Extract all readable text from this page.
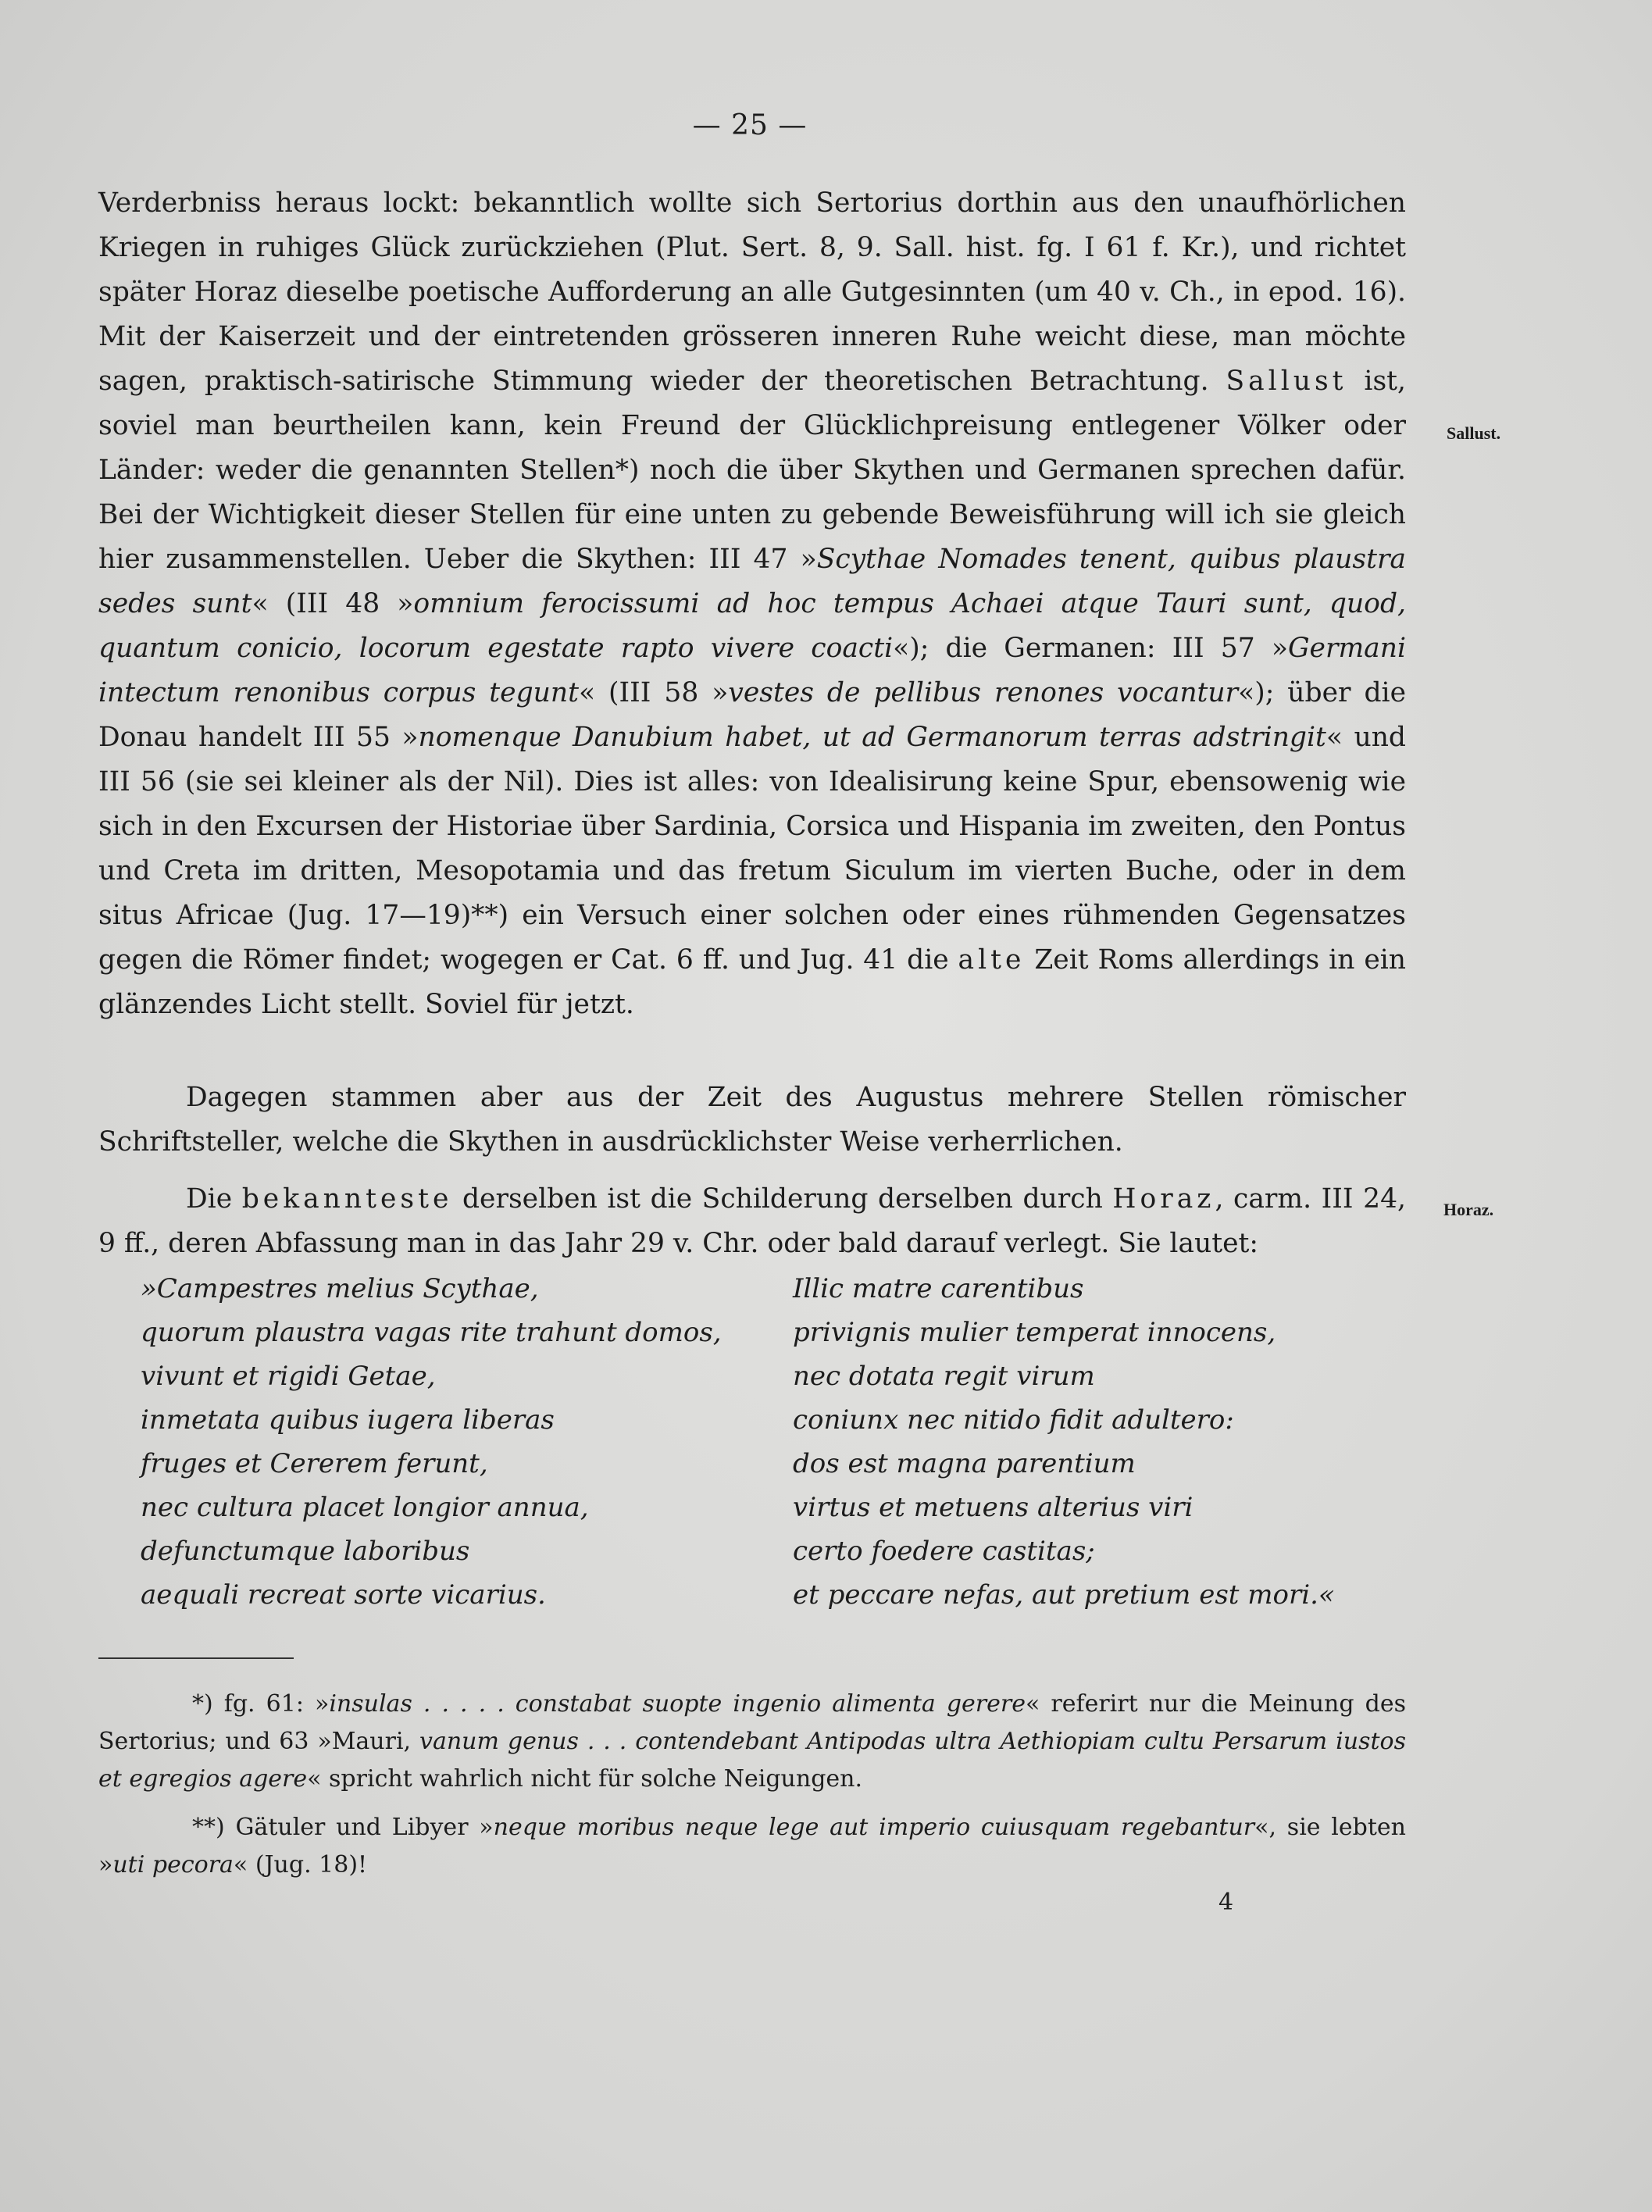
— 25 —
Sallust.
Horaz.

Verderbniss heraus lockt: bekanntlich wollte sich Sertorius dorthin aus den unaufhörlichen Kriegen in ruhiges Glück zurückziehen (Plut. Sert. 8, 9. Sall. hist. fg. I 61 f. Kr.), und richtet später Horaz dieselbe poetische Aufforderung an alle Gutgesinnten (um 40 v. Ch., in epod. 16). Mit der Kaiserzeit und der eintretenden grösseren inneren Ruhe weicht diese, man möchte sagen, praktisch-satirische Stimmung wieder der theoretischen Betrachtung. Sallust ist, soviel man beurtheilen kann, kein Freund der Glücklichpreisung entlegener Völker oder Länder: weder die genannten Stellen*) noch die über Skythen und Germanen sprechen dafür. Bei der Wichtigkeit dieser Stellen für eine unten zu gebende Beweisführung will ich sie gleich hier zusammenstellen. Ueber die Skythen: III 47 »Scythae Nomades tenent, quibus plaustra sedes sunt« (III 48 »omnium ferocissumi ad hoc tempus Achaei atque Tauri sunt, quod, quantum conicio, locorum egestate rapto vivere coacti«); die Germanen: III 57 »Germani intectum renonibus corpus tegunt« (III 58 »vestes de pellibus renones vocantur«); über die Donau handelt III 55 »nomenque Danubium habet, ut ad Germanorum terras adstringit« und III 56 (sie sei kleiner als der Nil). Dies ist alles: von Idealisirung keine Spur, ebensowenig wie sich in den Excursen der Historiae über Sardinia, Corsica und Hispania im zweiten, den Pontus und Creta im dritten, Mesopotamia und das fretum Siculum im vierten Buche, oder in dem situs Africae (Jug. 17—19)**) ein Versuch einer solchen oder eines rühmenden Gegensatzes gegen die Römer findet; wogegen er Cat. 6 ff. und Jug. 41 die alte Zeit Roms allerdings in ein glänzendes Licht stellt. Soviel für jetzt.

Dagegen stammen aber aus der Zeit des Augustus mehrere Stellen römischer Schriftsteller, welche die Skythen in ausdrücklichster Weise verherrlichen.

Die bekannteste derselben ist die Schilderung derselben durch Horaz, carm. III 24, 9 ff., deren Abfassung man in das Jahr 29 v. Chr. oder bald darauf verlegt. Sie lautet:

»Campestres melius Scythae,
quorum plaustra vagas rite trahunt domos,
vivunt et rigidi Getae,
inmetata quibus iugera liberas
fruges et Cererem ferunt,
nec cultura placet longior annua,
defunctumque laboribus
aequali recreat sorte vicarius.
Illic matre carentibus
privignis mulier temperat innocens,
nec dotata regit virum
coniunx nec nitido fidit adultero:
dos est magna parentium
virtus et metuens alterius viri
certo foedere castitas;
et peccare nefas, aut pretium est mori.«

*) fg. 61: »insulas . . . . . constabat suopte ingenio alimenta gerere« referirt nur die Meinung des Sertorius; und 63 »Mauri, vanum genus . . . contendebant Antipodas ultra Aethiopiam cultu Persarum iustos et egregios agere« spricht wahrlich nicht für solche Neigungen.

**) Gätuler und Libyer »neque moribus neque lege aut imperio cuiusquam regebantur«, sie lebten »uti pecora« (Jug. 18)!

4
